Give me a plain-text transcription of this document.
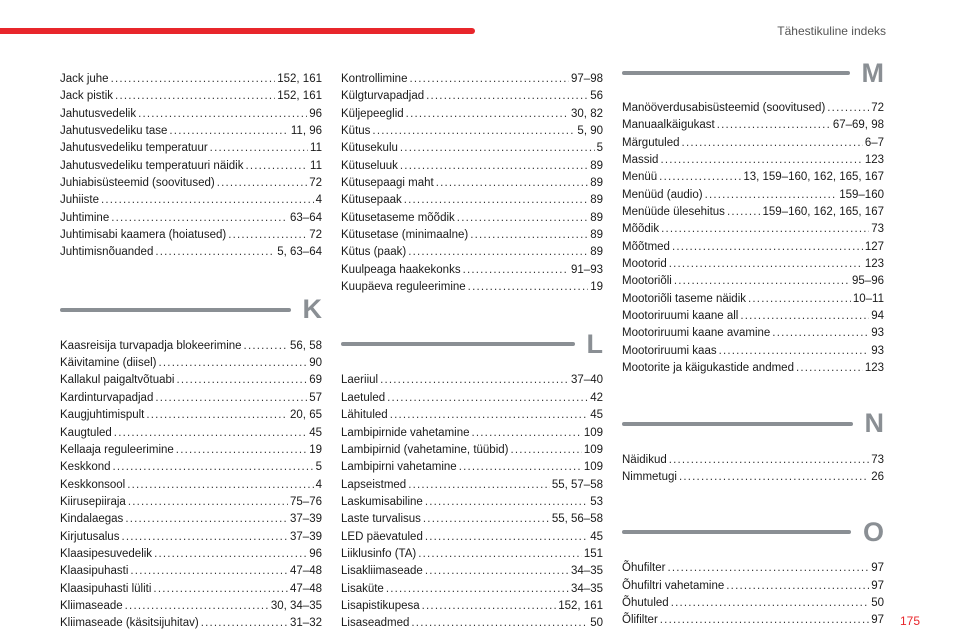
Tähestikuline indeks
Jack juhe .....	152, 161
Jack pistik .....	152, 161
Jahutusvedelik .....	96
Jahutusvedeliku tase .....	11, 96
Jahutusvedeliku temperatuur .....	11
Jahutusvedeliku temperatuuri näidik .....	11
Juhiabisüsteemid (soovitused) .....	72
Juhiiste .....	4
Juhtimine .....	63–64
Juhtimisabi kaamera (hoiatused) .....	72
Juhtimisnõuanded .....	5, 63–64
K
Kaasreisija turvapadja blokeerimine .....	56, 58
Käivitamine (diisel) .....	90
Kallakul paigaltvõtuabi .....	69
Kardinturvapadjad .....	57
Kaugjuhtimispult .....	20, 65
Kaugtuled .....	45
Kellaaja reguleerimine .....	19
Keskkond .....	5
Keskkonsool .....	4
Kiirusepiiraja .....	75–76
Kindalaegas .....	37–39
Kirjutusalus .....	37–39
Klaasipesuvedelik .....	96
Klaasipuhasti .....	47–48
Klaasipuhasti lüliti .....	47–48
Kliimaseade .....	30, 34–35
Kliimaseade (käsitsijuhitav) .....	31–32
Kontrollimine .....	97–98
Külgturvapadjad .....	56
Küljepeeglid .....	30, 82
Kütus .....	5, 90
Kütusekulu .....	5
Kütuseluuk .....	89
Kütusepaagi maht .....	89
Kütusepaak .....	89
Kütusetaseme mõõdik .....	89
Kütusetase (minimaalne) .....	89
Kütus (paak) .....	89
Kuulpeaga haakekonks .....	91–93
Kuupäeva reguleerimine .....	19
L
Laeriiul .....	37–40
Laetuled .....	42
Lähituled .....	45
Lambipirnide vahetamine .....	109
Lambipirnid (vahetamine, tüübid) .....	109
Lambipirni vahetamine .....	109
Lapseistmed .....	55, 57–58
Laskumisabiline .....	53
Laste turvalisus .....	55, 56–58
LED päevatuled .....	45
Liiklusinfo (TA) .....	151
Lisakliimaseade .....	34–35
Lisaküte .....	34–35
Lisapistikupesa .....	152, 161
Lisaseadmed .....	50
M
Manööverdusabisüsteemid (soovitused) .....	72
Manuaalkäigukast .....	67–69, 98
Märgutuled .....	6–7
Massid .....	123
Menüü .....	13, 159–160, 162, 165, 167
Menüüd (audio) .....	159–160
Menüüde ülesehitus .....	159–160, 162, 165, 167
Mõõdik .....	73
Mõõtmed .....	127
Mootorid .....	123
Mootoriõli .....	95–96
Mootoriõli taseme näidik .....	10–11
Mootoriruumi kaane all .....	94
Mootoriruumi kaane avamine .....	93
Mootoriruumi kaas .....	93
Mootorite ja käigukastide andmed .....	123
N
Näidikud .....	73
Nimmetugi .....	26
O
Õhufilter .....	97
Õhufiltri vahetamine .....	97
Õhutuled .....	50
Õlifilter .....	97 175
